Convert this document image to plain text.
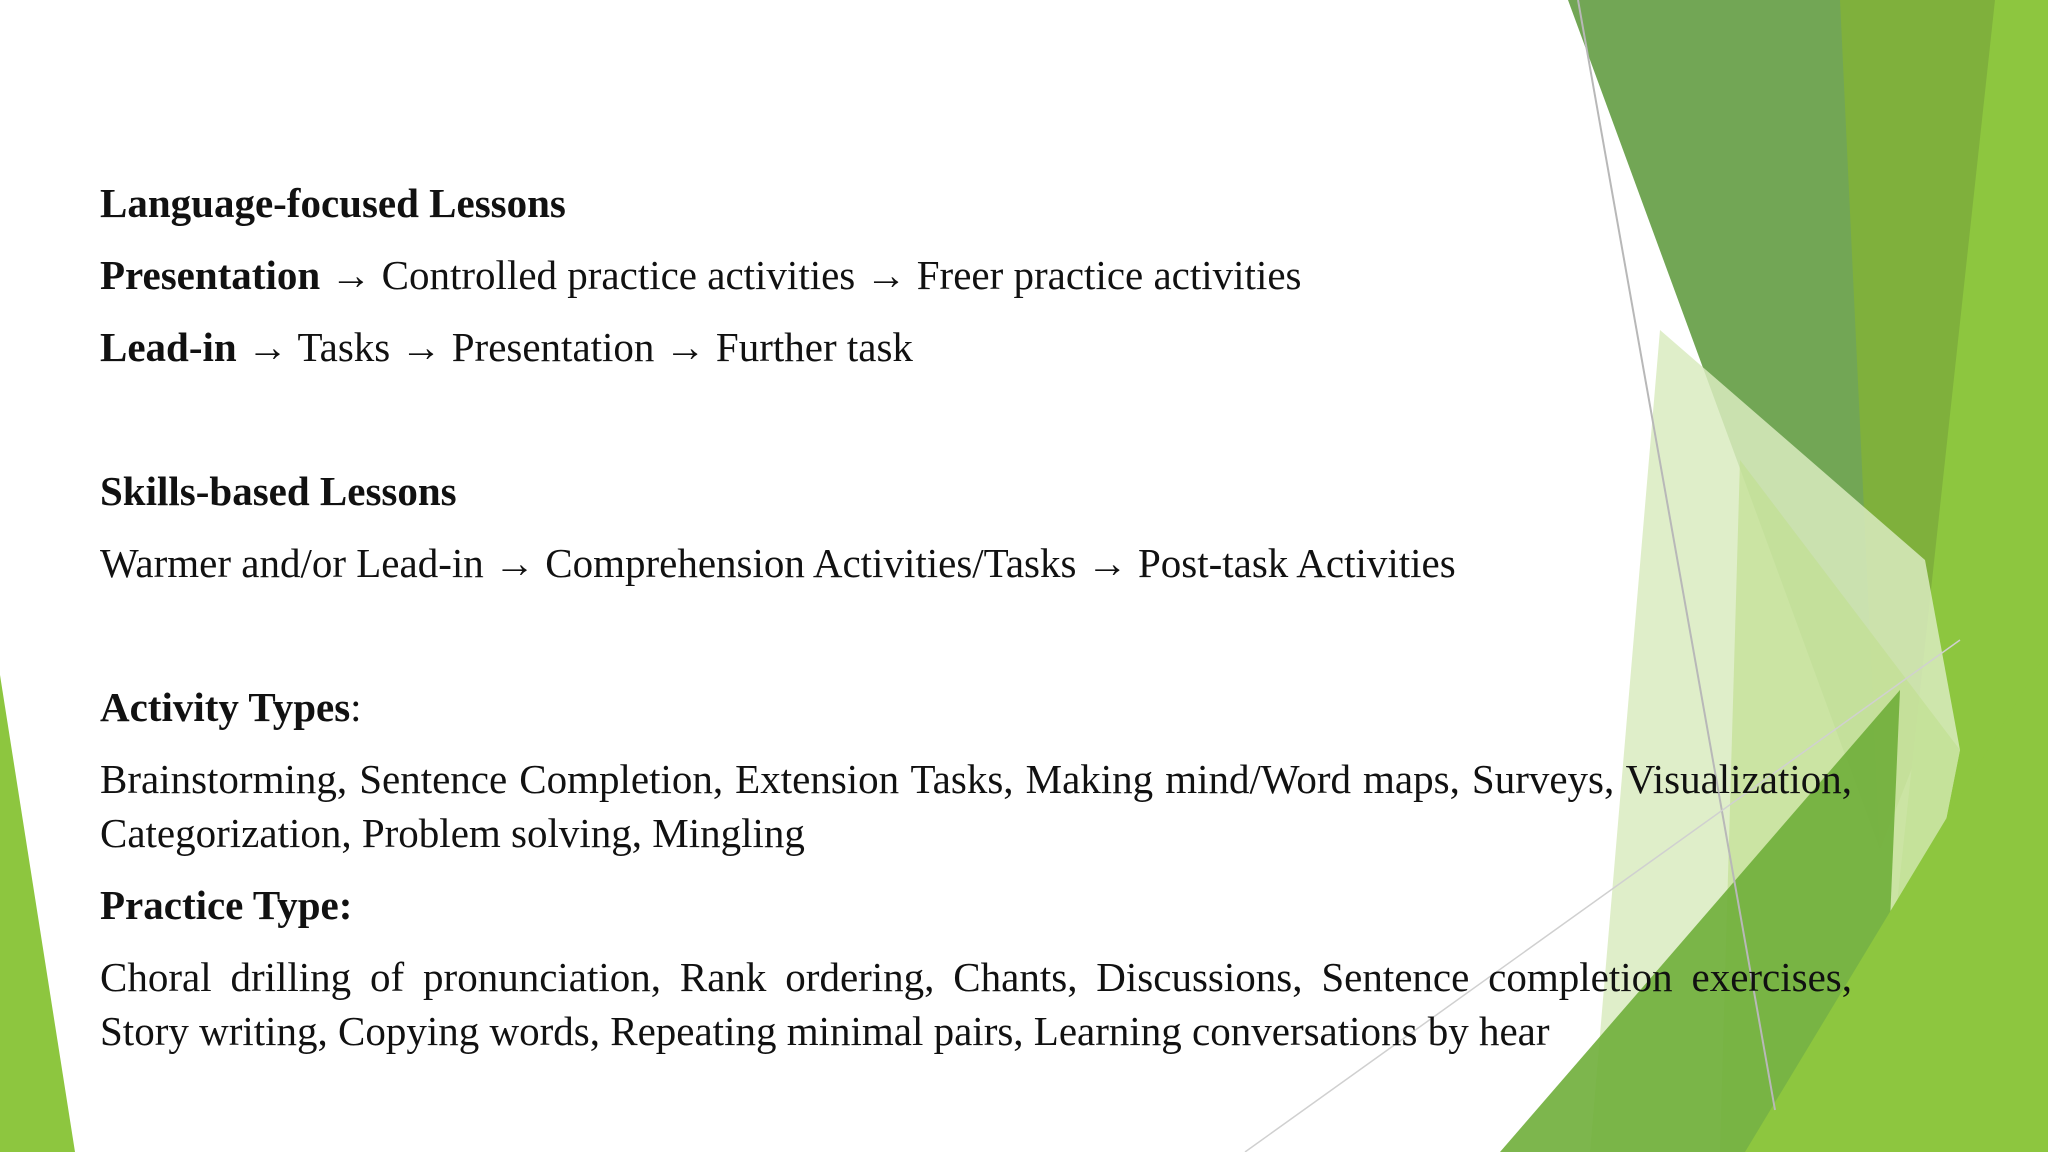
Language-focused Lessons

Presentation → Controlled practice activities → Freer practice activities

Lead-in → Tasks → Presentation → Further task

Skills-based Lessons

Warmer and/or Lead-in → Comprehension Activities/Tasks → Post-task Activities

Activity Types:

Brainstorming, Sentence Completion, Extension Tasks, Making mind/Word maps, Surveys, Visualization, Categorization, Problem solving, Mingling

Practice Type:

Choral drilling of pronunciation, Rank ordering, Chants, Discussions, Sentence completion exercises, Story writing, Copying words, Repeating minimal pairs, Learning conversations by hear
